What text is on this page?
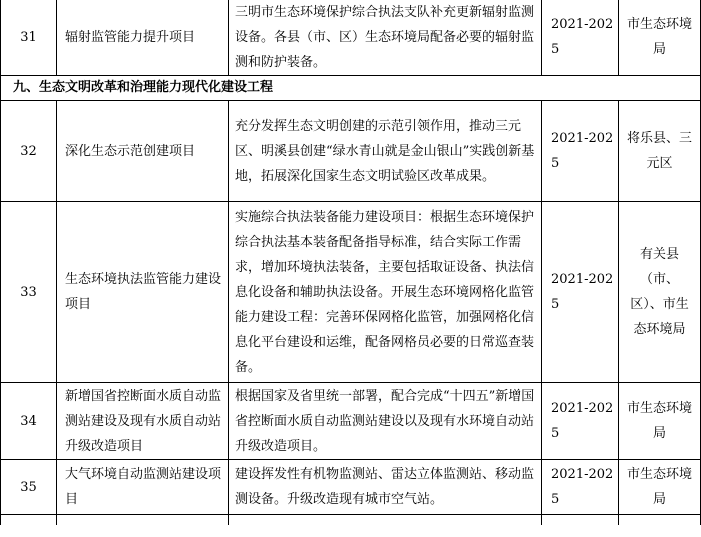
31	辐射监管能力提升项目	三明市生态环境保护综合执法支队补充更新辐射监测设备。各县（市、区）生态环境局配备必要的辐射监测和防护装备。	2021-2025	市生态环境局
九、生态文明改革和治理能力现代化建设工程				
32	深化生态示范创建项目	充分发挥生态文明创建的示范引领作用，推动三元区、明溪县创建“绿水青山就是金山银山”实践创新基地，拓展深化国家生态文明试验区改革成果。	2021-2025	将乐县、三元区
33	生态环境执法监管能力建设项目	实施综合执法装备能力建设项目：根据生态环境保护综合执法基本装备配备指导标准，结合实际工作需求，增加环境执法装备，主要包括取证设备、执法信息化设备和辅助执法设备。开展生态环境网格化监管能力建设工程：完善环保网格化监管，加强网格化信息化平台建设和运维，配备网格员必要的日常巡查装备。	2021-2025	有关县（市、区）、市生态环境局
34	新增国省控断面水质自动监测站建设及现有水质自动站升级改造项目	根据国家及省里统一部署，配合完成“十四五”新增国省控断面水质自动监测站建设以及现有水环境自动站升级改造项目。	2021-2025	市生态环境局
35	大气环境自动监测站建设项目	建设挥发性有机物监测站、雷达立体监测站、移动监测设备。升级改造现有城市空气站。	2021-2025	市生态环境局
